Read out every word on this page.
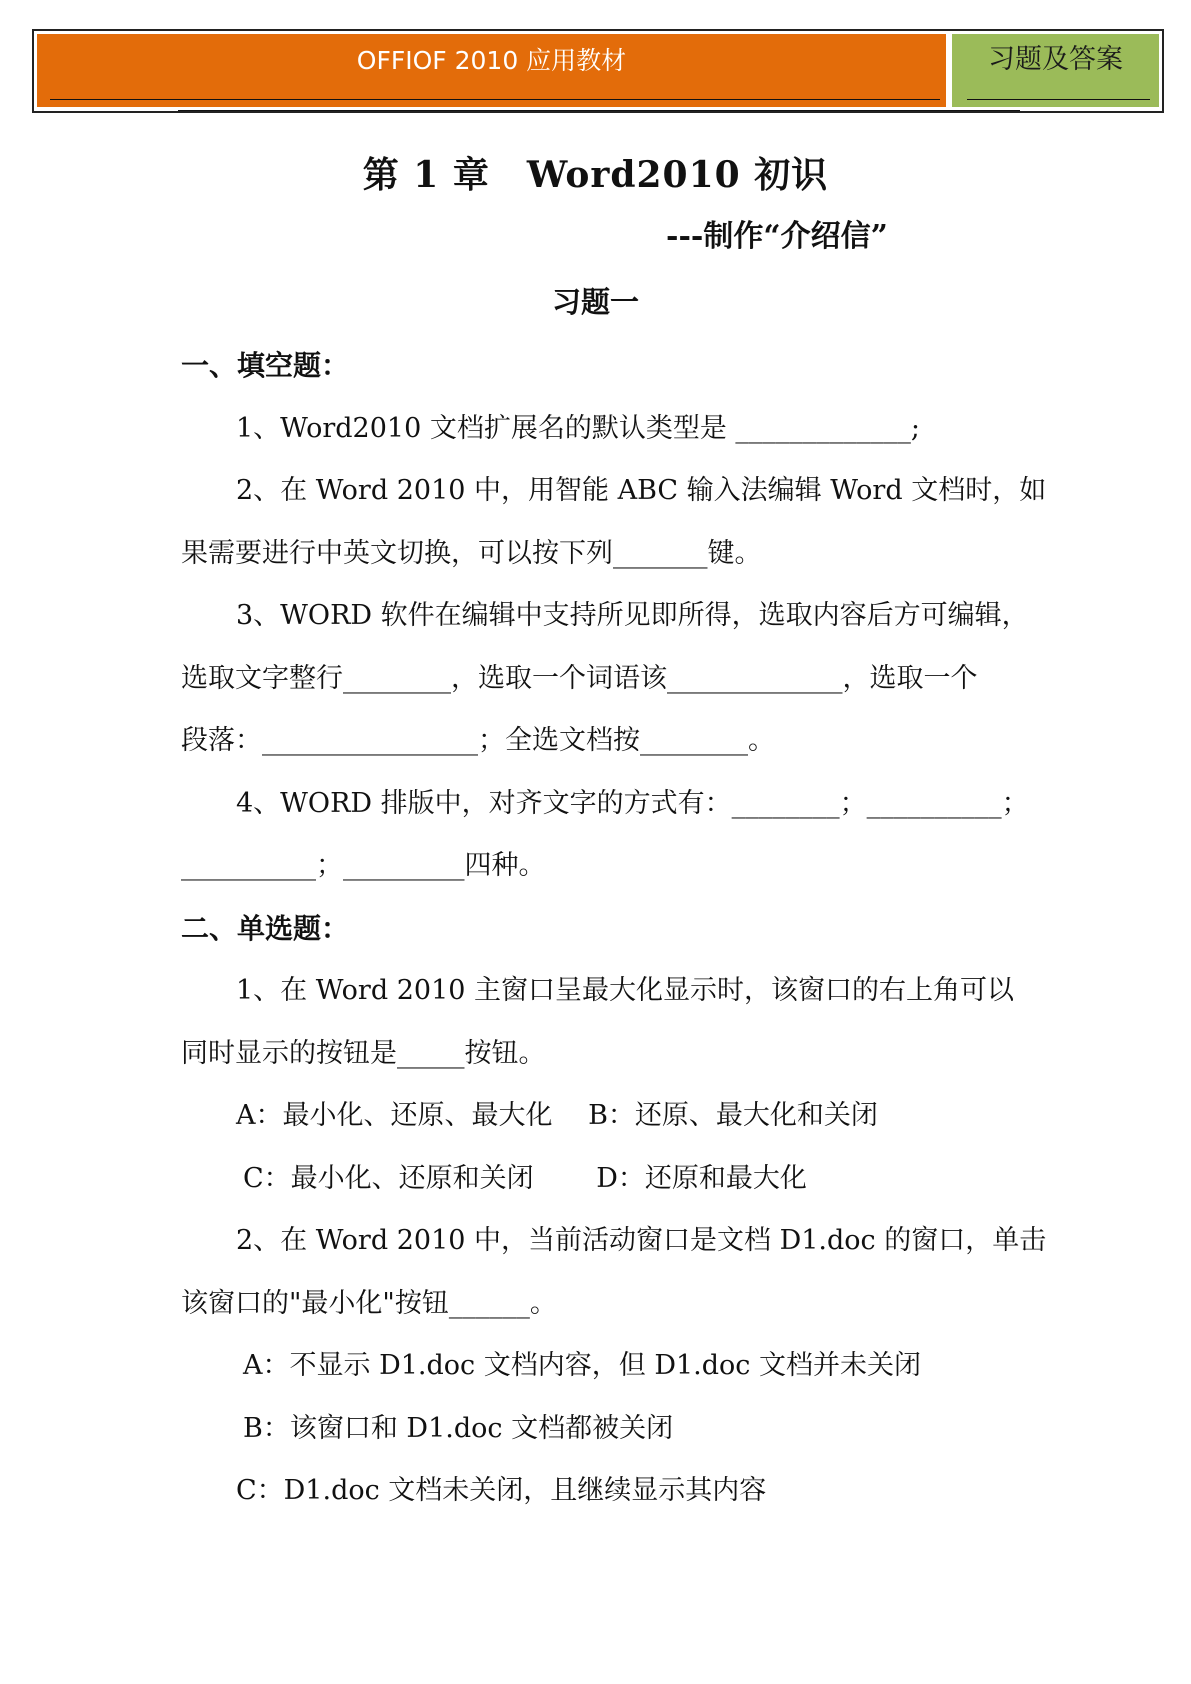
OFFIOF 2010 应用教材	习题及答案
第 1 章　Word2010 初识
---制作“介绍信”
习题一
一、填空题：
1、Word2010 文档扩展名的默认类型是 _____________;
2、在 Word 2010 中，用智能 ABC 输入法编辑 Word 文档时，如
果需要进行中英文切换，可以按下列_______键。
3、WORD 软件在编辑中支持所见即所得，选取内容后方可编辑，
选取文字整行________，选取一个词语该_____________，选取一个
段落：________________；全选文档按________。
4、WORD 排版中，对齐文字的方式有：________；__________；
__________；_________四种。
二、单选题：
1、在 Word 2010 主窗口呈最大化显示时，该窗口的右上角可以
同时显示的按钮是_____按钮。
A：最小化、还原、最大化　 B：还原、最大化和关闭
C：最小化、还原和关闭　　 D：还原和最大化
2、在 Word 2010 中，当前活动窗口是文档 D1.doc 的窗口，单击
该窗口的"最小化"按钮______。
A：不显示 D1.doc 文档内容，但 D1.doc 文档并未关闭
B：该窗口和 D1.doc 文档都被关闭
C：D1.doc 文档未关闭，且继续显示其内容
